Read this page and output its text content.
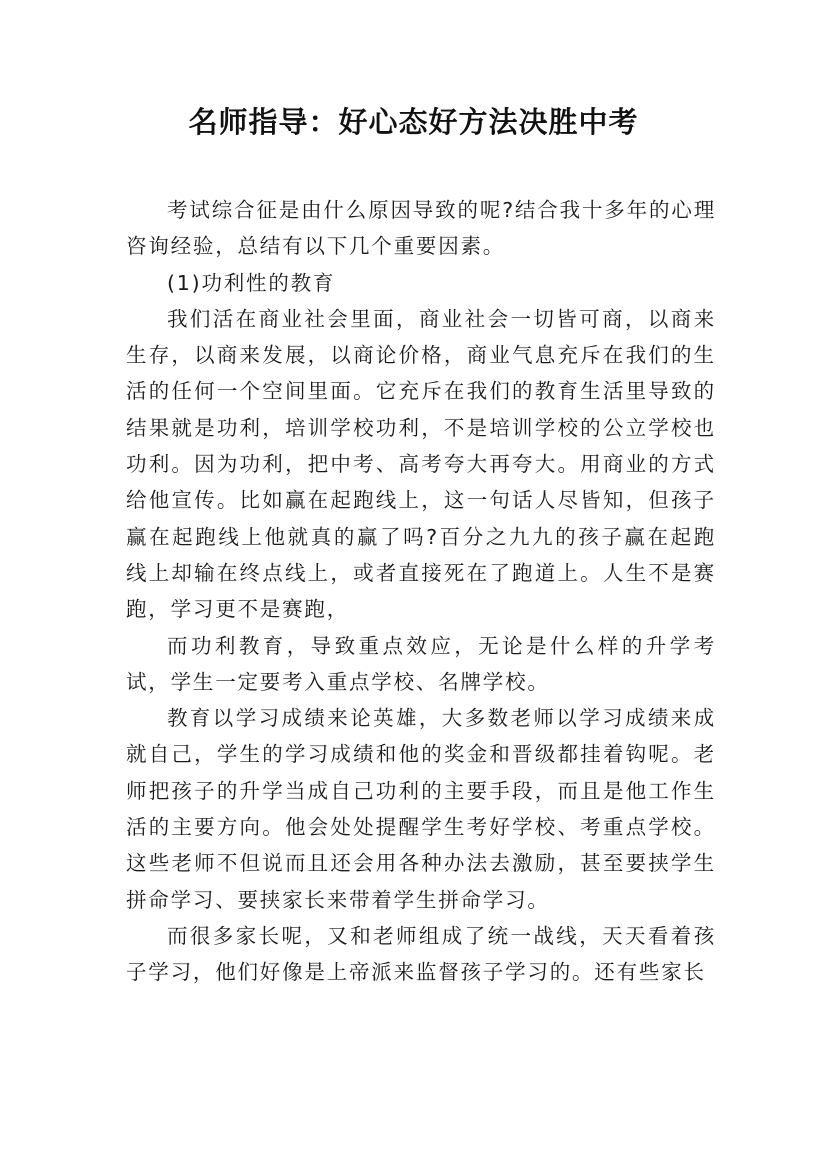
名师指导：好心态好方法决胜中考

考试综合征是由什么原因导致的呢?结合我十多年的心理咨询经验，总结有以下几个重要因素。

(1)功利性的教育

我们活在商业社会里面，商业社会一切皆可商，以商来生存，以商来发展，以商论价格，商业气息充斥在我们的生活的任何一个空间里面。它充斥在我们的教育生活里导致的结果就是功利，培训学校功利，不是培训学校的公立学校也功利。因为功利，把中考、高考夸大再夸大。用商业的方式给他宣传。比如赢在起跑线上，这一句话人尽皆知，但孩子赢在起跑线上他就真的赢了吗?百分之九九的孩子赢在起跑线上却输在终点线上，或者直接死在了跑道上。人生不是赛跑，学习更不是赛跑，

而功利教育，导致重点效应，无论是什么样的升学考试，学生一定要考入重点学校、名牌学校。

教育以学习成绩来论英雄，大多数老师以学习成绩来成就自己，学生的学习成绩和他的奖金和晋级都挂着钩呢。老师把孩子的升学当成自己功利的主要手段，而且是他工作生活的主要方向。他会处处提醒学生考好学校、考重点学校。这些老师不但说而且还会用各种办法去激励，甚至要挟学生拼命学习、要挟家长来带着学生拼命学习。

而很多家长呢，又和老师组成了统一战线，天天看着孩子学习，他们好像是上帝派来监督孩子学习的。还有些家长
